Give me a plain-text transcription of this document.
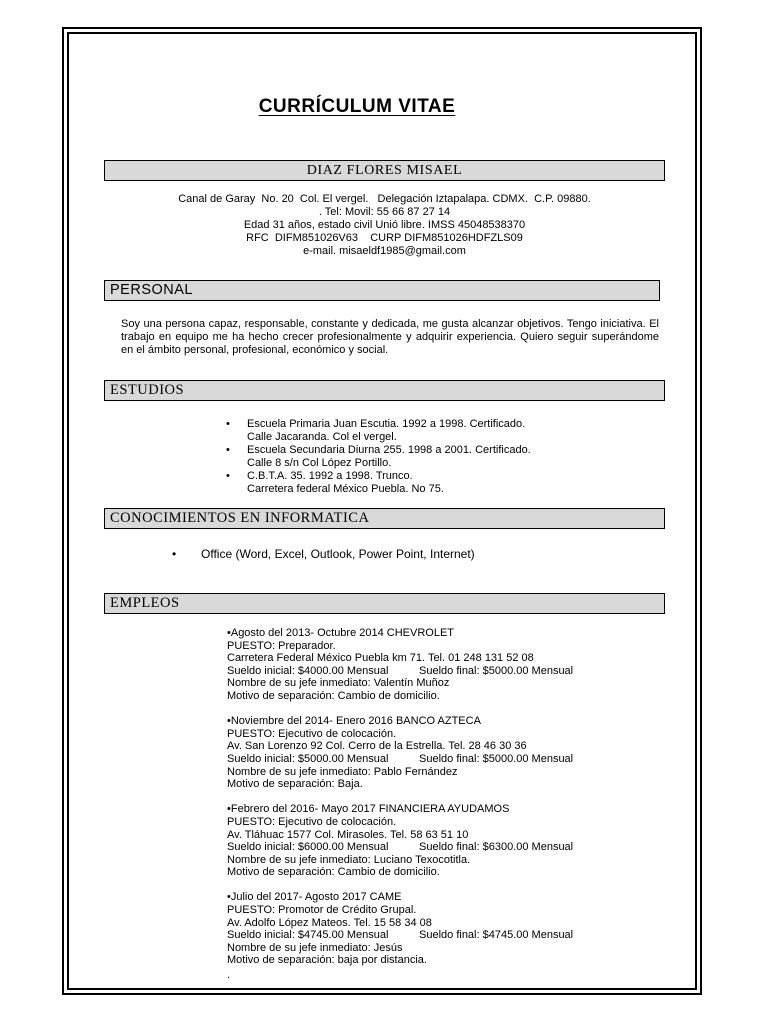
CURRÍCULUM VITAE
DIAZ FLORES MISAEL
Canal de Garay  No. 20  Col. El vergel.   Delegación Iztapalapa. CDMX.  C.P. 09880.
. Tel: Movil: 55 66 87 27 14
Edad 31 años, estado civil Unió libre. IMSS 45048538370
RFC  DIFM851026V63    CURP DIFM851026HDFZLS09
e-mail. misaeldf1985@gmail.com
PERSONAL
Soy una persona capaz, responsable, constante y dedicada, me gusta alcanzar objetivos. Tengo iniciativa. El trabajo en equipo me ha hecho crecer profesionalmente y adquirir experiencia. Quiero seguir superándome en el ámbito personal, profesional, económico y social.
ESTUDIOS
• Escuela Primaria Juan Escutia. 1992 a 1998. Certificado.
Calle Jacaranda. Col el vergel.
• Escuela Secundaria Diurna 255. 1998 a 2001. Certificado.
Calle 8 s/n Col López Portillo.
• C.B.T.A. 35. 1992 a 1998. Trunco.
Carretera federal México Puebla. No 75.
CONOCIMIENTOS EN INFORMATICA
• Office (Word, Excel, Outlook, Power Point, Internet)
EMPLEOS
•Agosto del 2013- Octubre 2014 CHEVROLET
PUESTO: Preparador.
Carretera Federal México Puebla km 71. Tel. 01 248 131 52 08
Sueldo inicial: $4000.00 Mensual          Sueldo final: $5000.00 Mensual
Nombre de su jefe inmediato: Valentín Muñoz
Motivo de separación: Cambio de domicilio.
•Noviembre del 2014- Enero 2016 BANCO AZTECA
PUESTO: Ejecutivo de colocación.
Av. San Lorenzo 92 Col. Cerro de la Estrella. Tel. 28 46 30 36
Sueldo inicial: $5000.00 Mensual          Sueldo final: $5000.00 Mensual
Nombre de su jefe inmediato: Pablo Fernández
Motivo de separación: Baja.
•Febrero del 2016- Mayo 2017 FINANCIERA AYUDAMOS
PUESTO: Ejecutivo de colocación.
Av. Tláhuac 1577 Col. Mirasoles. Tel. 58 63 51 10
Sueldo inicial: $6000.00 Mensual          Sueldo final: $6300.00 Mensual
Nombre de su jefe inmediato: Luciano Texocotitla.
Motivo de separación: Cambio de domicilio.
•Julio del 2017- Agosto 2017 CAME
PUESTO: Promotor de Crédito Grupal.
Av. Adolfo López Mateos. Tel. 15 58 34 08
Sueldo inicial: $4745.00 Mensual          Sueldo final: $4745.00 Mensual
Nombre de su jefe inmediato: Jesús
Motivo de separación: baja por distancia.
.
